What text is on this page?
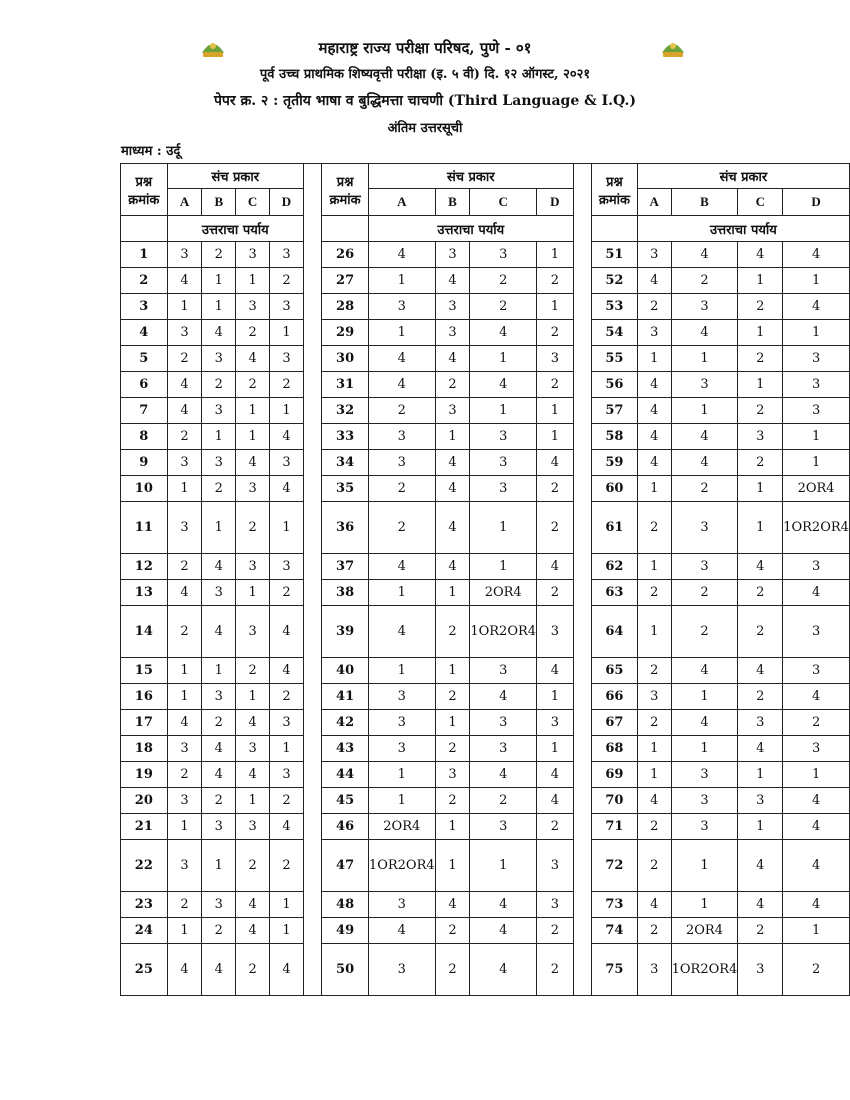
महाराष्ट्र राज्य परीक्षा परिषद, पुणे - ०१
पूर्व उच्च प्राथमिक शिष्यवृत्ती परीक्षा (इ. ५ वी) दि. १२ ऑगस्ट, २०२१
पेपर क्र. २ : तृतीय भाषा व बुद्धिमत्ता चाचणी (Third Language & I.Q.)
अंतिम उत्तरसूची
माध्यम : उर्दू
प्रश्न क्रमांक	संच प्रकार					प्रश्न क्रमांक	संच प्रकार					प्रश्न क्रमांक	संच प्रकार			
	A	B	C	D			A	B	C	D			A	B	C	D
	उत्तराचा पर्याय						उत्तराचा पर्याय						उत्तराचा पर्याय			
1	3	2	3	3		26	4	3	3	1		51	3	4	4	4
2	4	1	1	2		27	1	4	2	2		52	4	2	1	1
3	1	1	3	3		28	3	3	2	1		53	2	3	2	4
4	3	4	2	1		29	1	3	4	2		54	3	4	1	1
5	2	3	4	3		30	4	4	1	3		55	1	1	2	3
6	4	2	2	2		31	4	2	4	2		56	4	3	1	3
7	4	3	1	1		32	2	3	1	1		57	4	1	2	3
8	2	1	1	4		33	3	1	3	1		58	4	4	3	1
9	3	3	4	3		34	3	4	3	4		59	4	4	2	1
10	1	2	3	4		35	2	4	3	2		60	1	2	1	2OR4
11	3	1	2	1		36	2	4	1	2		61	2	3	1	1OR2OR4
12	2	4	3	3		37	4	4	1	4		62	1	3	4	3
13	4	3	1	2		38	1	1	2OR4	2		63	2	2	2	4
14	2	4	3	4		39	4	2	1OR2OR4	3		64	1	2	2	3
15	1	1	2	4		40	1	1	3	4		65	2	4	4	3
16	1	3	1	2		41	3	2	4	1		66	3	1	2	4
17	4	2	4	3		42	3	1	3	3		67	2	4	3	2
18	3	4	3	1		43	3	2	3	1		68	1	1	4	3
19	2	4	4	3		44	1	3	4	4		69	1	3	1	1
20	3	2	1	2		45	1	2	2	4		70	4	3	3	4
21	1	3	3	4		46	2OR4	1	3	2		71	2	3	1	4
22	3	1	2	2		47	1OR2OR4	1	1	3		72	2	1	4	4
23	2	3	4	1		48	3	4	4	3		73	4	1	4	4
24	1	2	4	1		49	4	2	4	2		74	2	2OR4	2	1
25	4	4	2	4		50	3	2	4	2		75	3	1OR2OR4	3	2
